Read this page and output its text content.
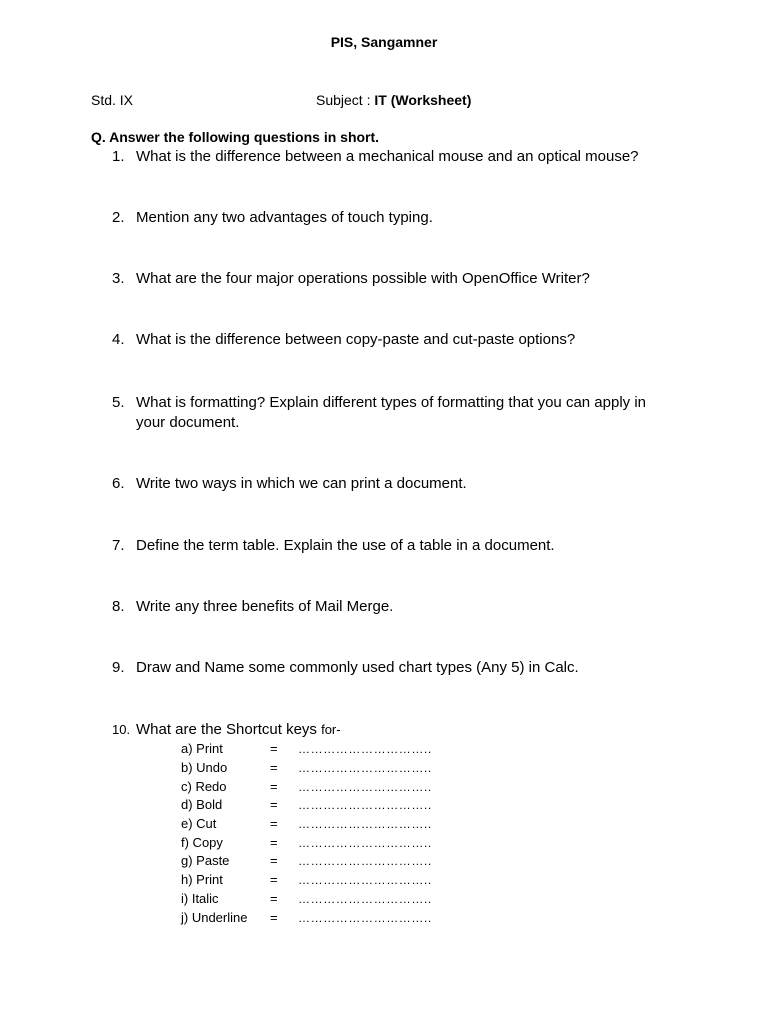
PIS, Sangamner
Std. IX	Subject : IT (Worksheet)
Q. Answer the following questions in short.
1. What is the difference between a mechanical mouse and an optical mouse?
2. Mention any two advantages of touch typing.
3. What are the four major operations possible with OpenOffice Writer?
4. What is the difference between copy-paste and cut-paste options?
5. What is formatting? Explain different types of formatting that you can apply in your document.
6. Write two ways in which we can print a document.
7. Define the term table. Explain the use of a table in a document.
8. Write any three benefits of Mail Merge.
9. Draw and Name some commonly used chart types (Any 5) in Calc.
10. What are the Shortcut keys for-
a) Print	= …………………………..
b) Undo	= …………………………..
c) Redo	= …………………………..
d) Bold	= …………………………..
e) Cut	= …………………………..
f) Copy	= …………………………..
g) Paste	= …………………………..
h) Print	= …………………………..
i) Italic	= …………………………..
j) Underline = …………………………..
